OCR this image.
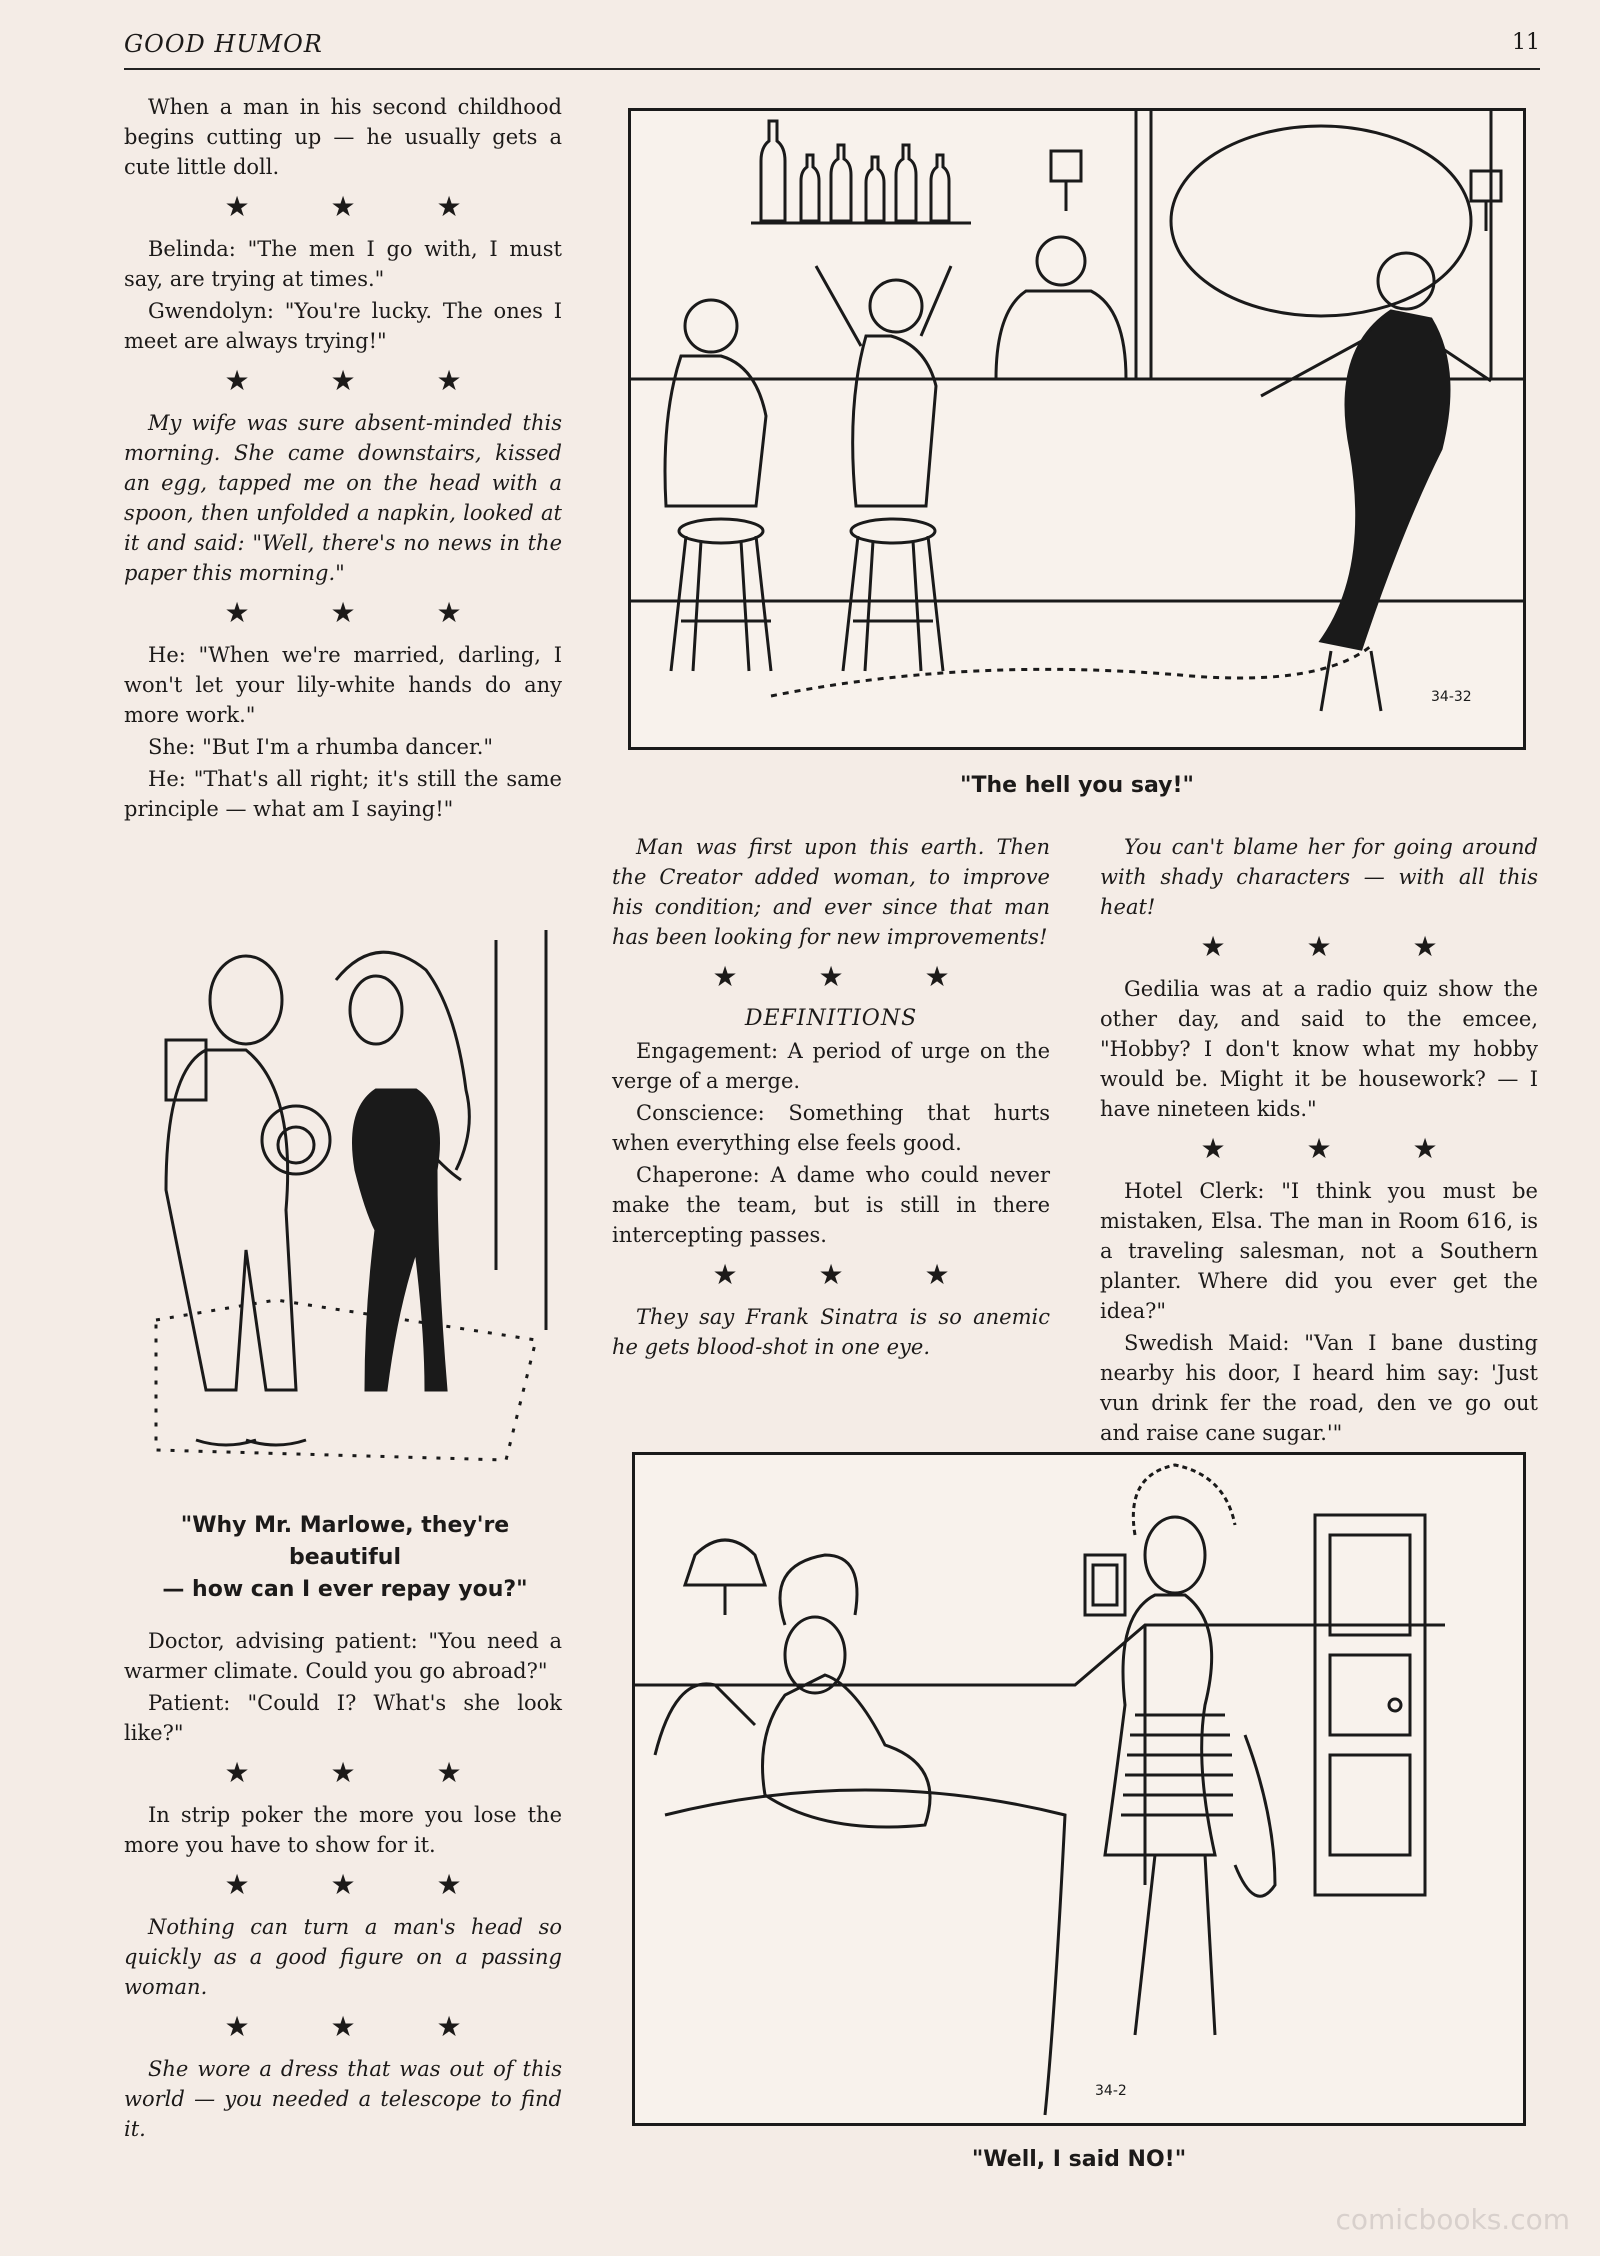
GOOD HUMOR	11

When a man in his second childhood begins cutting up — he usually gets a cute little doll.

★ ★ ★

Belinda: "The men I go with, I must say, are trying at times."

Gwendolyn: "You're lucky. The ones I meet are always trying!"

★ ★ ★

My wife was sure absent-minded this morning. She came downstairs, kissed an egg, tapped me on the head with a spoon, then unfolded a napkin, looked at it and said: "Well, there's no news in the paper this morning."

★ ★ ★

He: "When we're married, darling, I won't let your lily-white hands do any more work."

She: "But I'm a rhumba dancer."

He: "That's all right; it's still the same principle — what am I saying!"

34-32
"The hell you say!"

Man was first upon this earth. Then the Creator added woman, to improve his condition; and ever since that man has been looking for new improvements!

★ ★ ★
DEFINITIONS

Engagement: A period of urge on the verge of a merge.

Conscience: Something that hurts when everything else feels good.

Chaperone: A dame who could never make the team, but is still in there intercepting passes.

★ ★ ★

They say Frank Sinatra is so anemic he gets blood-shot in one eye.

You can't blame her for going around with shady characters — with all this heat!

★ ★ ★

Gedilia was at a radio quiz show the other day, and said to the emcee, "Hobby? I don't know what my hobby would be. Might it be housework? — I have nineteen kids."

★ ★ ★

Hotel Clerk: "I think you must be mistaken, Elsa. The man in Room 616, is a traveling salesman, not a Southern planter. Where did you ever get the idea?"

Swedish Maid: "Van I bane dusting nearby his door, I heard him say: 'Just vun drink fer the road, den ve go out and raise cane sugar.'"

"Why Mr. Marlowe, they're beautiful
— how can I ever repay you?"

Doctor, advising patient: "You need a warmer climate. Could you go abroad?"

Patient: "Could I? What's she look like?"

★ ★ ★

In strip poker the more you lose the more you have to show for it.

★ ★ ★

Nothing can turn a man's head so quickly as a good figure on a passing woman.

★ ★ ★

She wore a dress that was out of this world — you needed a telescope to find it.

34-2
"Well, I said NO!"
comicbooks.com
